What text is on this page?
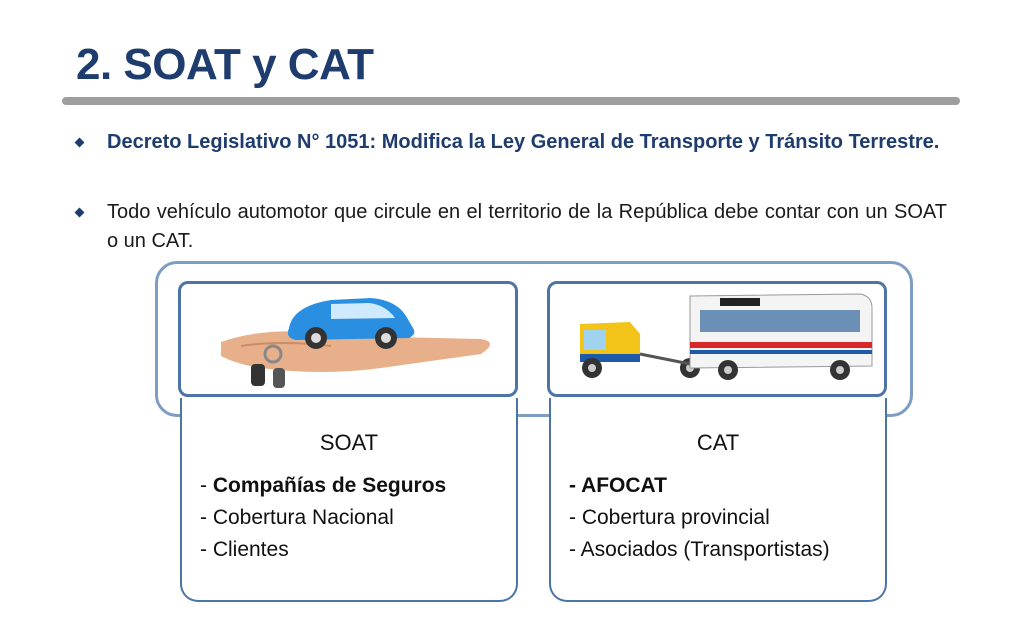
2. SOAT y CAT
Decreto Legislativo N° 1051: Modifica la Ley General de Transporte y Tránsito Terrestre.
Todo vehículo automotor que circule en el territorio de la República debe contar con un SOAT o un CAT.
SOAT
- Compañías de Seguros
- Cobertura Nacional
- Clientes
CAT
- AFOCAT
- Cobertura provincial
- Asociados (Transportistas)
